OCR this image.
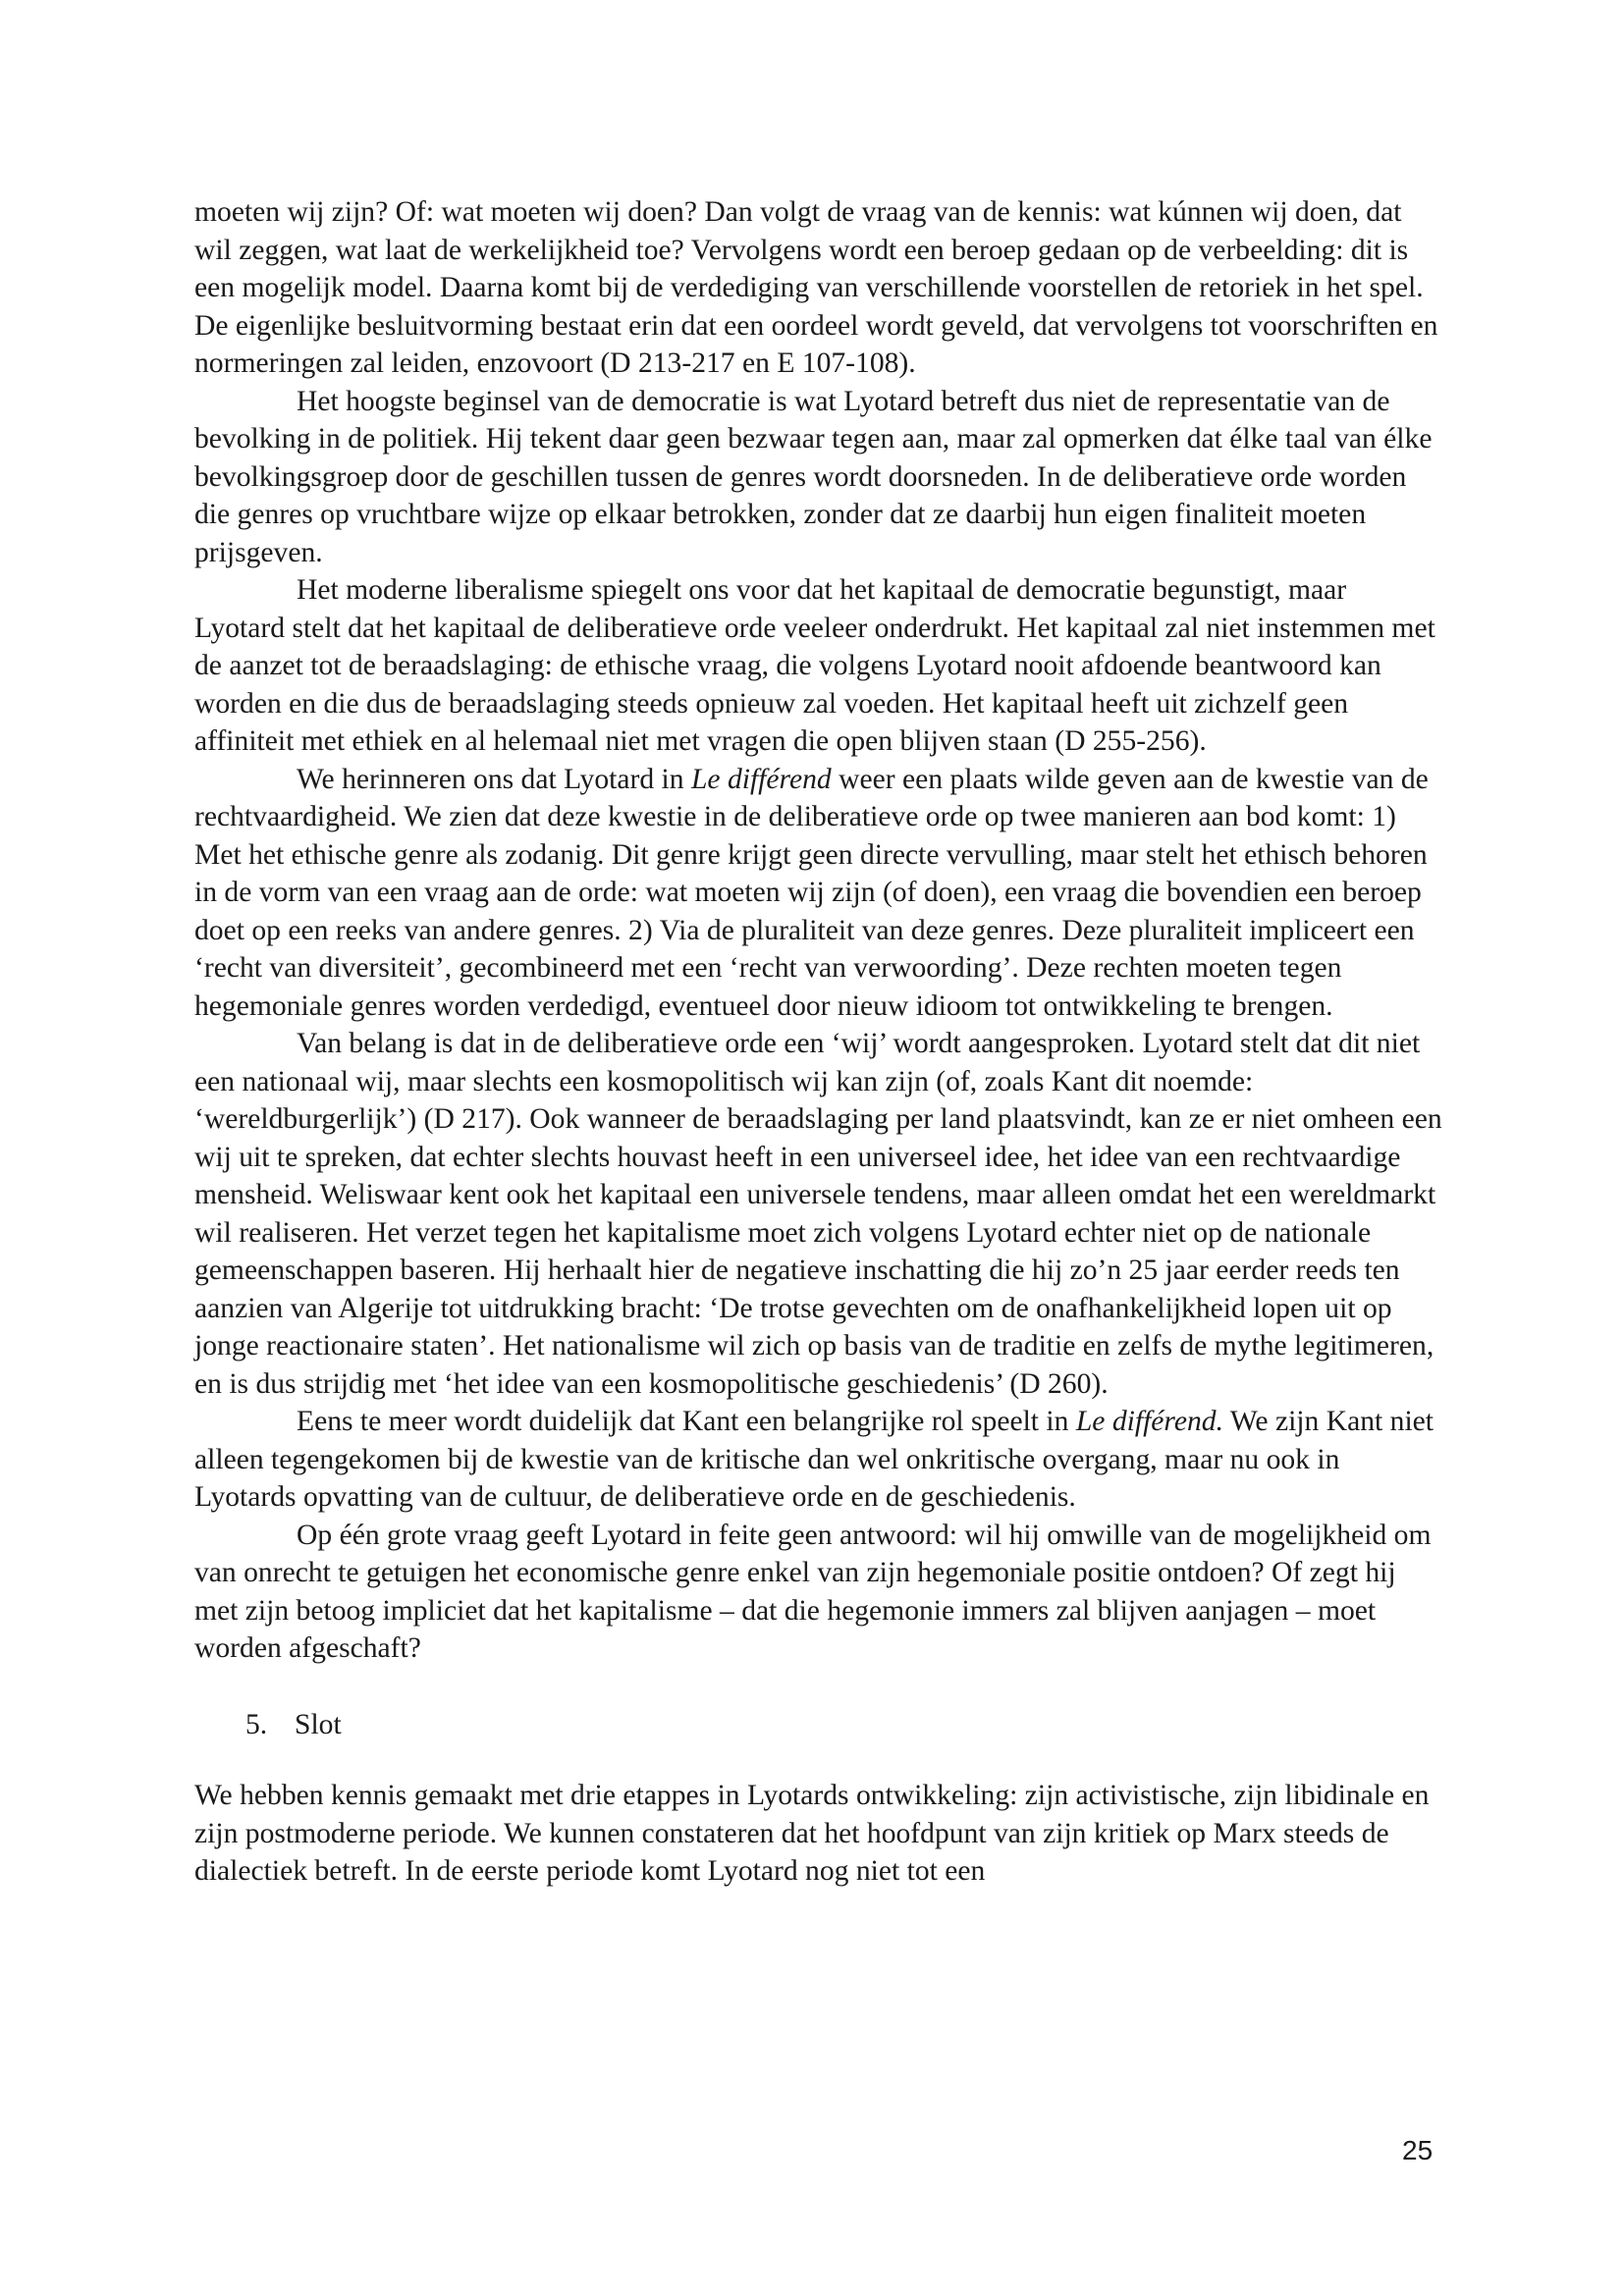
moeten wij zijn? Of: wat moeten wij doen? Dan volgt de vraag van de kennis: wat kúnnen wij doen, dat wil zeggen, wat laat de werkelijkheid toe? Vervolgens wordt een beroep gedaan op de verbeelding: dit is een mogelijk model. Daarna komt bij de verdediging van verschillende voorstellen de retoriek in het spel. De eigenlijke besluitvorming bestaat erin dat een oordeel wordt geveld, dat vervolgens tot voorschriften en normeringen zal leiden, enzovoort (D 213-217 en E 107-108).

Het hoogste beginsel van de democratie is wat Lyotard betreft dus niet de representatie van de bevolking in de politiek. Hij tekent daar geen bezwaar tegen aan, maar zal opmerken dat élke taal van élke bevolkingsgroep door de geschillen tussen de genres wordt doorsneden. In de deliberatieve orde worden die genres op vruchtbare wijze op elkaar betrokken, zonder dat ze daarbij hun eigen finaliteit moeten prijsgeven.

Het moderne liberalisme spiegelt ons voor dat het kapitaal de democratie begunstigt, maar Lyotard stelt dat het kapitaal de deliberatieve orde veeleer onderdrukt. Het kapitaal zal niet instemmen met de aanzet tot de beraadslaging: de ethische vraag, die volgens Lyotard nooit afdoende beantwoord kan worden en die dus de beraadslaging steeds opnieuw zal voeden. Het kapitaal heeft uit zichzelf geen affiniteit met ethiek en al helemaal niet met vragen die open blijven staan (D 255-256).

We herinneren ons dat Lyotard in Le différend weer een plaats wilde geven aan de kwestie van de rechtvaardigheid. We zien dat deze kwestie in de deliberatieve orde op twee manieren aan bod komt: 1) Met het ethische genre als zodanig. Dit genre krijgt geen directe vervulling, maar stelt het ethisch behoren in de vorm van een vraag aan de orde: wat moeten wij zijn (of doen), een vraag die bovendien een beroep doet op een reeks van andere genres. 2) Via de pluraliteit van deze genres. Deze pluraliteit impliceert een ‘recht van diversiteit’, gecombineerd met een ‘recht van verwoording’. Deze rechten moeten tegen hegemoniale genres worden verdedigd, eventueel door nieuw idioom tot ontwikkeling te brengen.

Van belang is dat in de deliberatieve orde een ‘wij’ wordt aangesproken. Lyotard stelt dat dit niet een nationaal wij, maar slechts een kosmopolitisch wij kan zijn (of, zoals Kant dit noemde: ‘wereldburgerlijk’) (D 217). Ook wanneer de beraadslaging per land plaatsvindt, kan ze er niet omheen een wij uit te spreken, dat echter slechts houvast heeft in een universeel idee, het idee van een rechtvaardige mensheid. Weliswaar kent ook het kapitaal een universele tendens, maar alleen omdat het een wereldmarkt wil realiseren. Het verzet tegen het kapitalisme moet zich volgens Lyotard echter niet op de nationale gemeenschappen baseren. Hij herhaalt hier de negatieve inschatting die hij zo’n 25 jaar eerder reeds ten aanzien van Algerije tot uitdrukking bracht: ‘De trotse gevechten om de onafhankelijkheid lopen uit op jonge reactionaire staten’. Het nationalisme wil zich op basis van de traditie en zelfs de mythe legitimeren, en is dus strijdig met ‘het idee van een kosmopolitische geschiedenis’ (D 260).

Eens te meer wordt duidelijk dat Kant een belangrijke rol speelt in Le différend. We zijn Kant niet alleen tegengekomen bij de kwestie van de kritische dan wel onkritische overgang, maar nu ook in Lyotards opvatting van de cultuur, de deliberatieve orde en de geschiedenis.

Op één grote vraag geeft Lyotard in feite geen antwoord: wil hij omwille van de mogelijkheid om van onrecht te getuigen het economische genre enkel van zijn hegemoniale positie ontdoen? Of zegt hij met zijn betoog impliciet dat het kapitalisme – dat die hegemonie immers zal blijven aanjagen – moet worden afgeschaft?

5. Slot

We hebben kennis gemaakt met drie etappes in Lyotards ontwikkeling: zijn activistische, zijn libidinale en zijn postmoderne periode. We kunnen constateren dat het hoofdpunt van zijn kritiek op Marx steeds de dialectiek betreft. In de eerste periode komt Lyotard nog niet tot een

25
